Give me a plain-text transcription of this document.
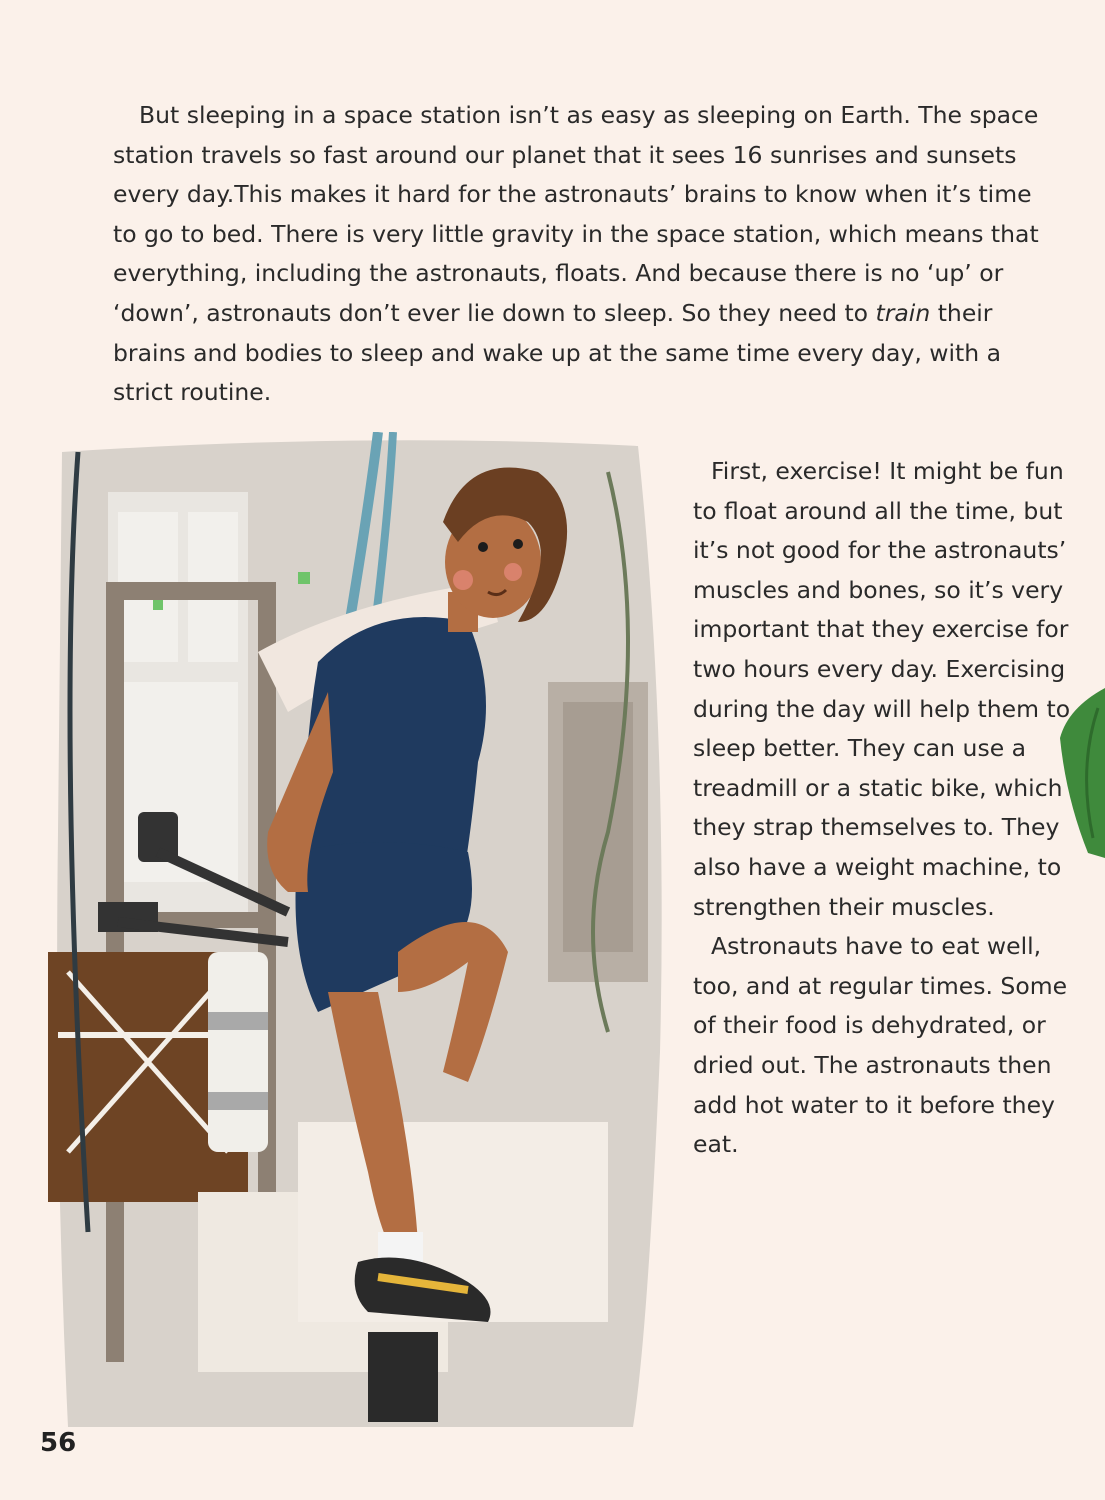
But sleeping in a space station isn’t as easy as sleeping on Earth. The space station travels so fast around our planet that it sees 16 sunrises and sunsets every day.This makes it hard for the astronauts’ brains to know when it’s time to go to bed. There is very little gravity in the space station, which means that everything, including the astronauts, floats. And because there is no ‘up’ or ‘down’, astronauts don’t ever lie down to sleep. So they need to train their brains and bodies to sleep and wake up at the same time every day, with a strict routine.

First, exercise! It might be fun to float around all the time, but it’s not good for the astronauts’ muscles and bones, so it’s very important that they exercise for two hours every day. Exercising during the day will help them to sleep better. They can use a treadmill or a static bike, which they strap themselves to. They also have a weight machine, to strengthen their muscles.

Astronauts have to eat well, too, and at regular times. Some of their food is dehydrated, or dried out. The astronauts then add hot water to it before they eat.

56
